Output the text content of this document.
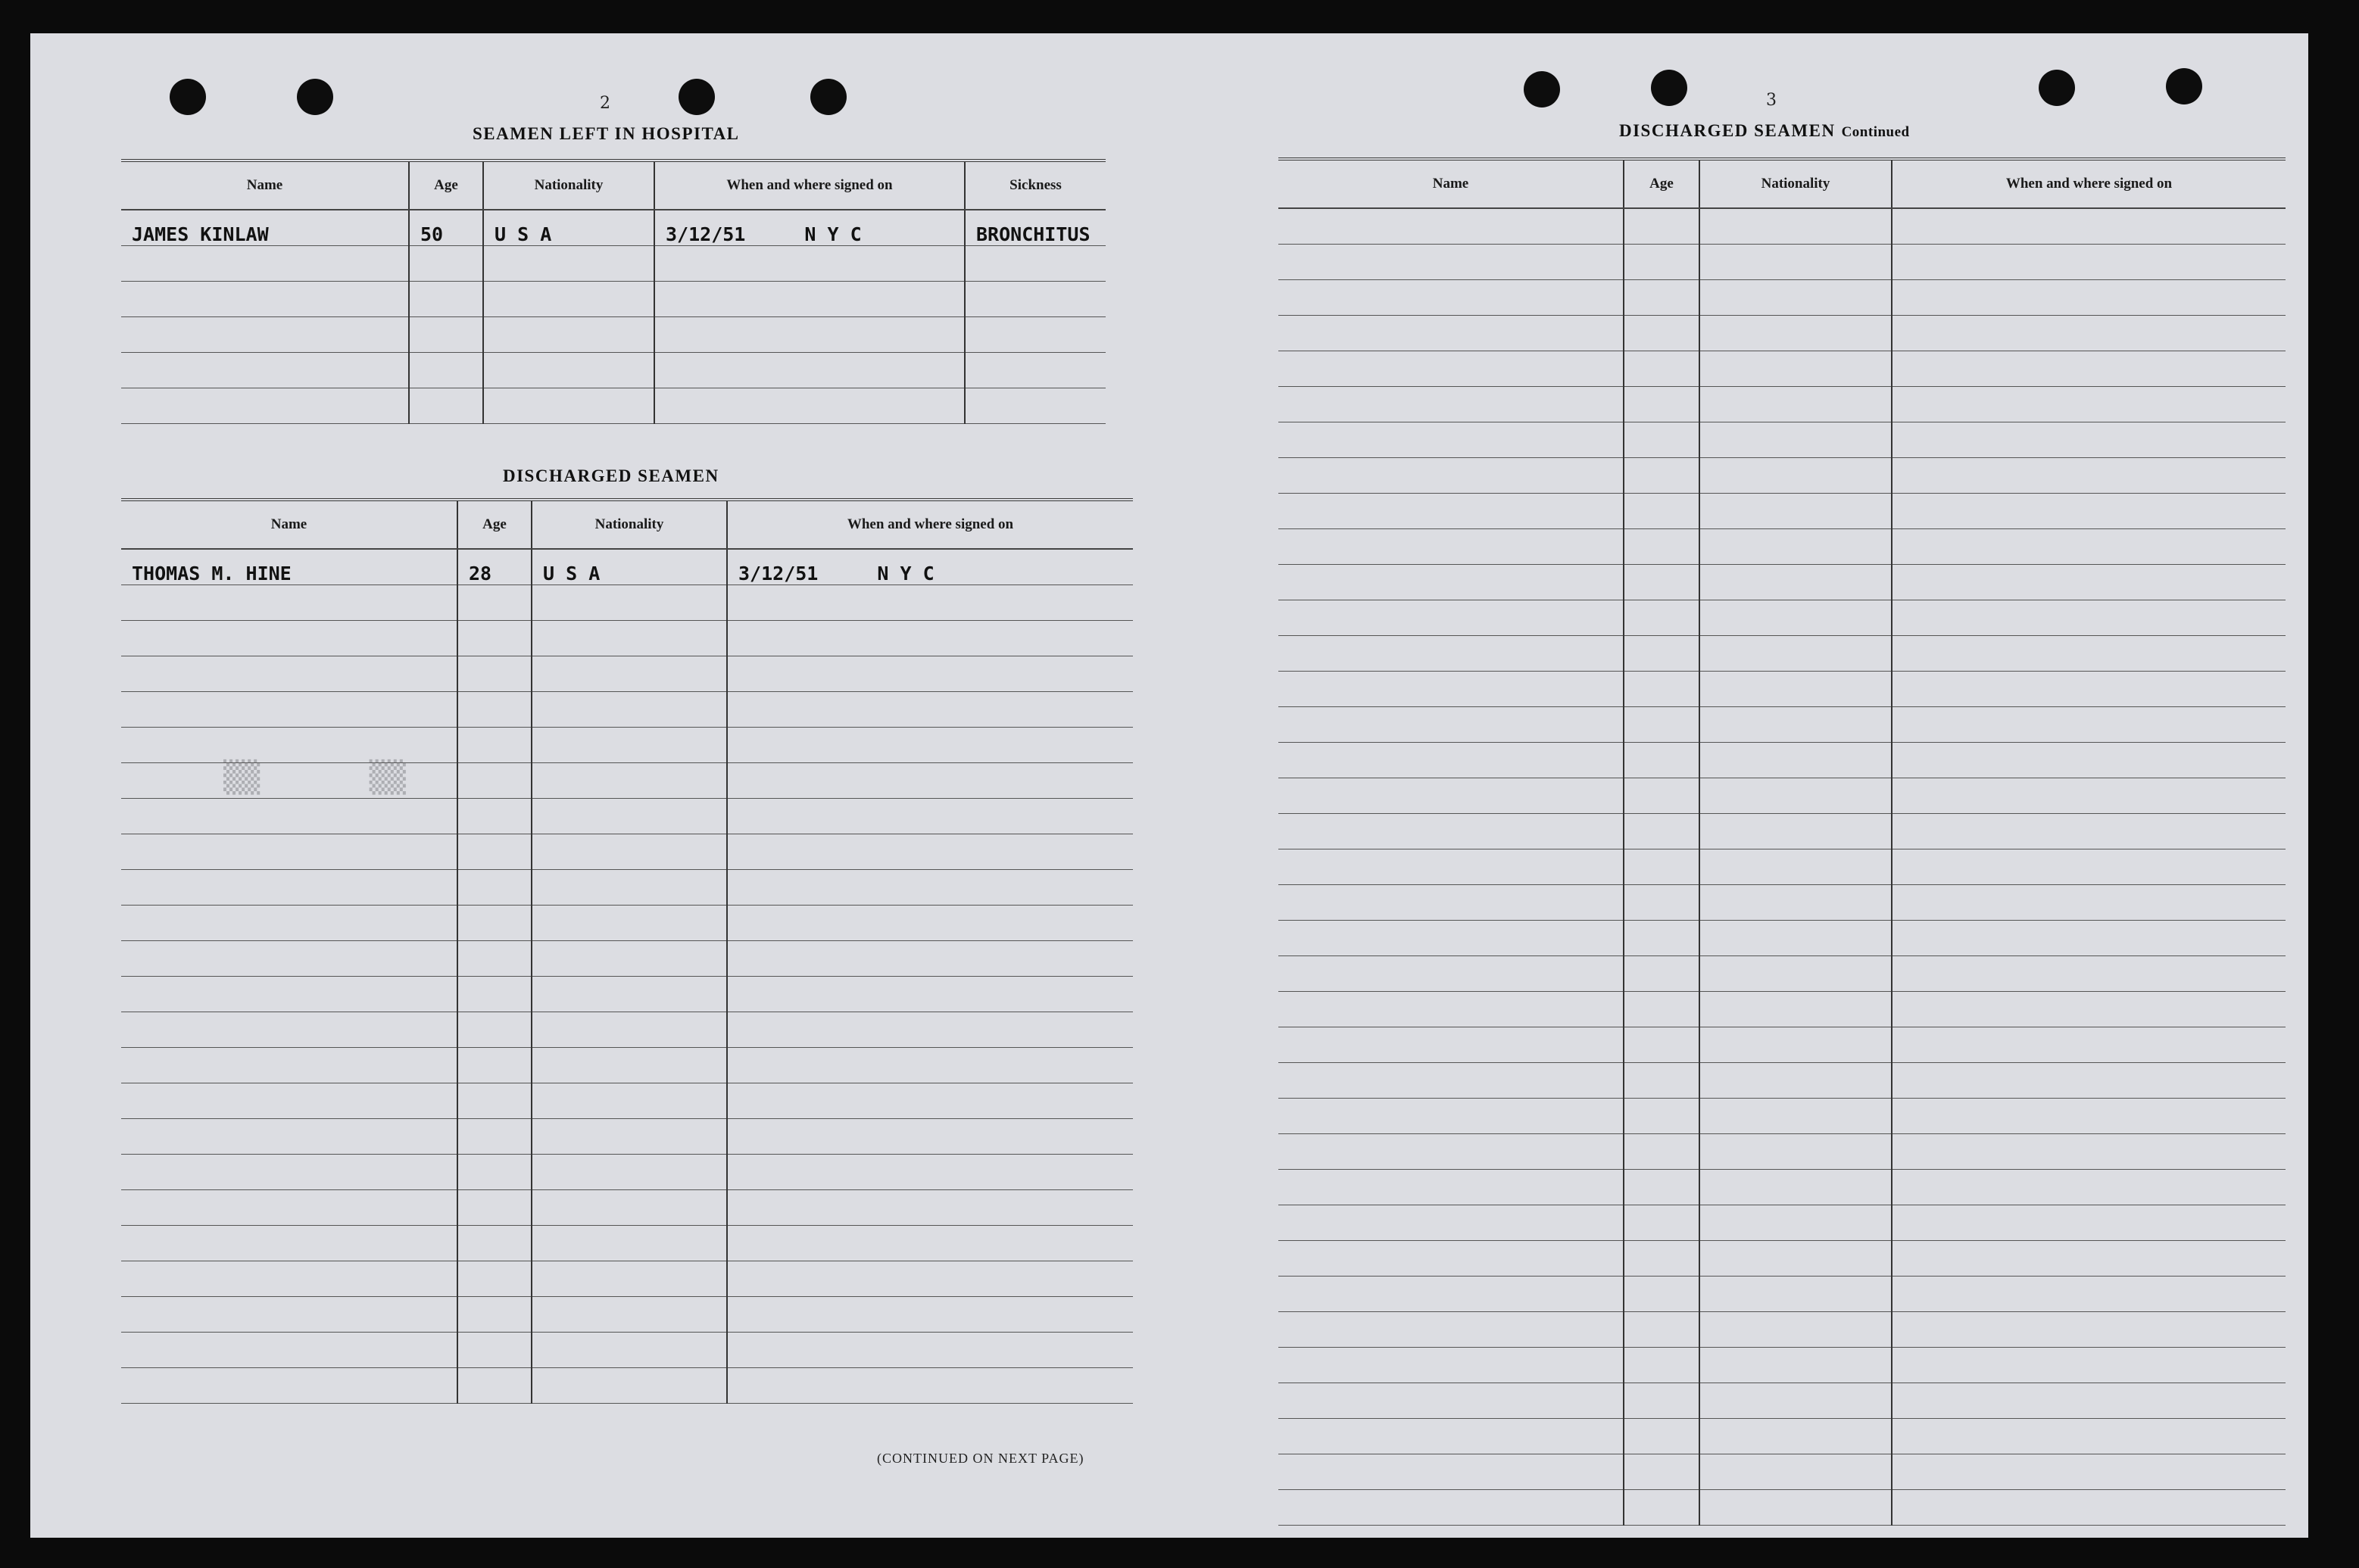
▒▒      ▒▒
2
SEAMEN LEFT IN HOSPITAL
Name	Age	Nationality	When and where signed on	Sickness
JAMES KINLAW	50	U S A	3/12/51 N Y C	BRONCHITUS

DISCHARGED SEAMEN
Name	Age	Nationality	When and where signed on
THOMAS M. HINE	28	U S A	3/12/51 N Y C

(CONTINUED ON NEXT PAGE)
3
DISCHARGED SEAMEN Continued
Name	Age	Nationality	When and where signed on
